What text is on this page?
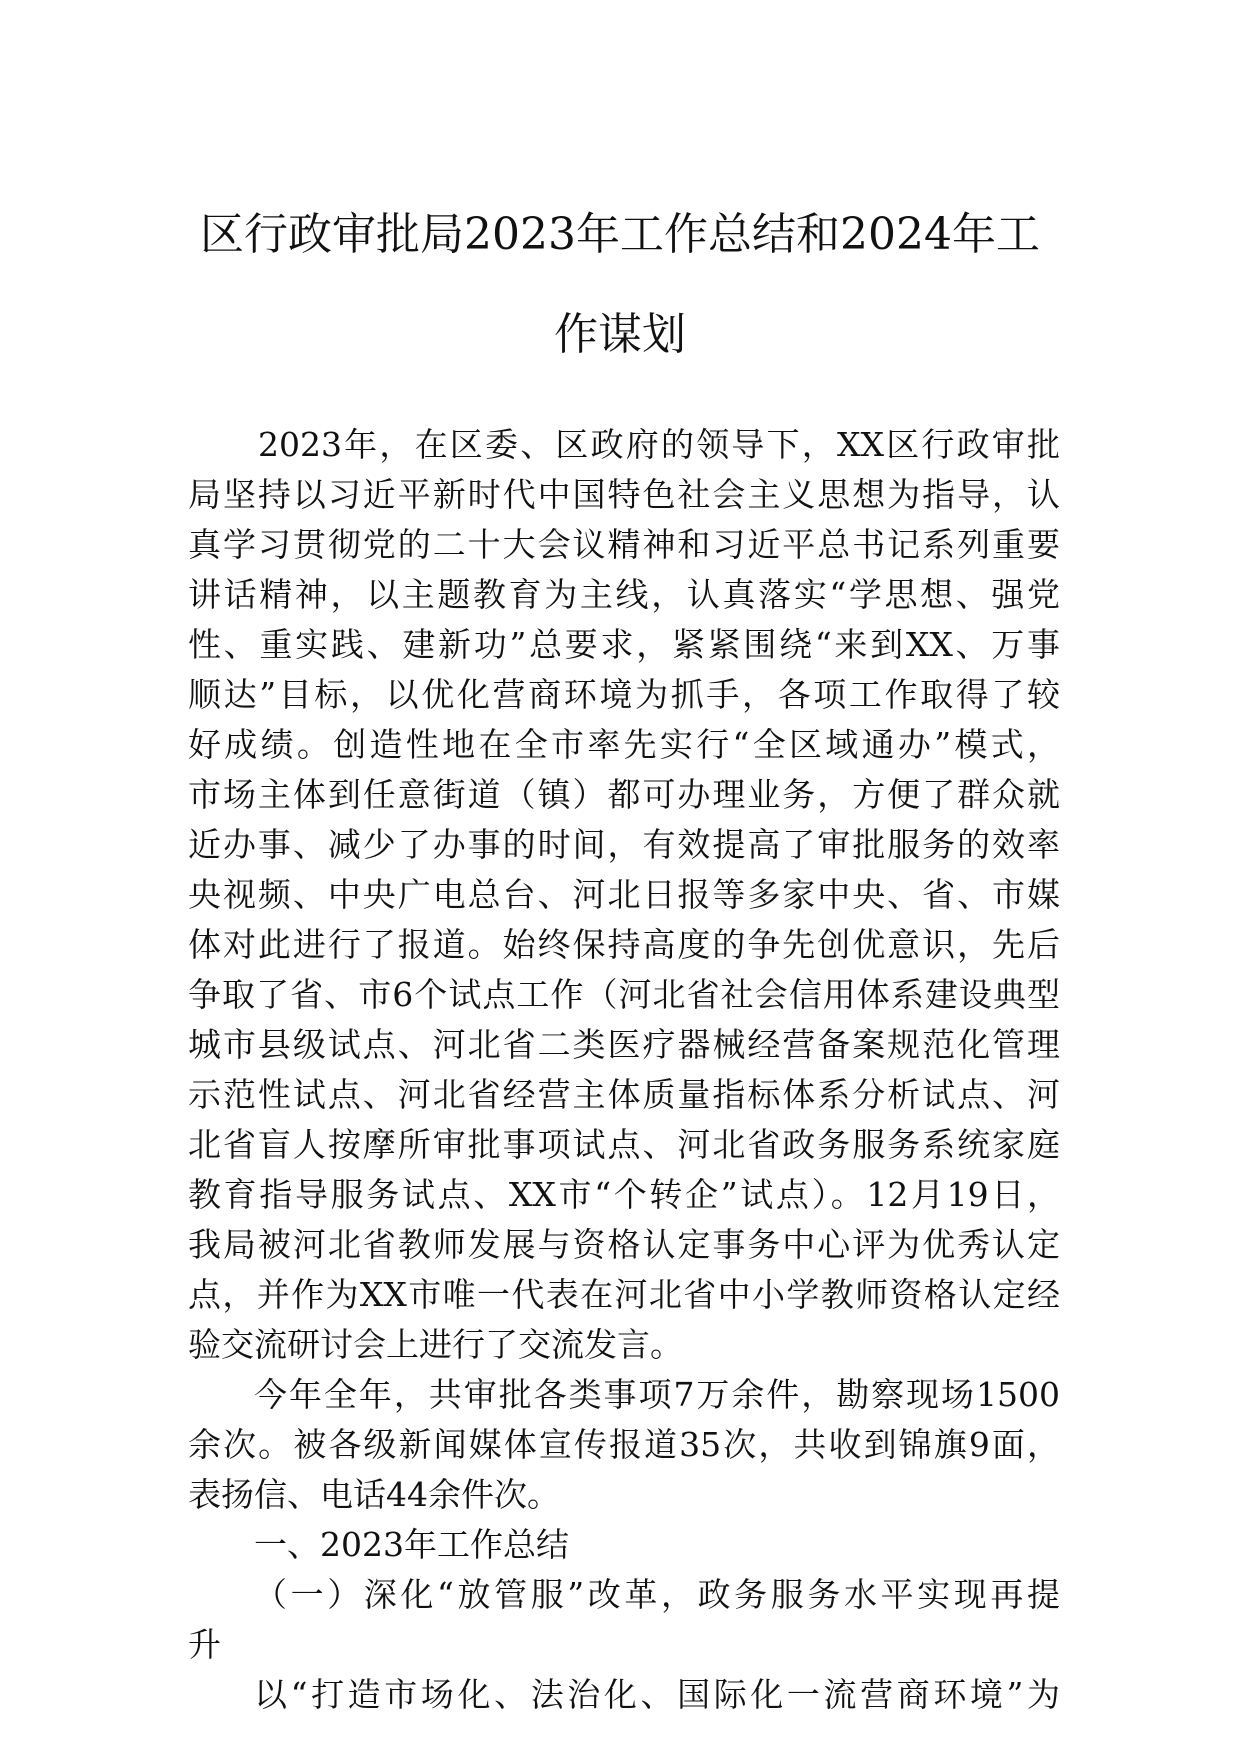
区行政审批局2023年工作总结和2024年工
作谋划
2023年，在区委、区政府的领导下，XX区行政审批
局坚持以习近平新时代中国特色社会主义思想为指导，认
真学习贯彻党的二十大会议精神和习近平总书记系列重要
讲话精神，以主题教育为主线，认真落实“学思想、强党
性、重实践、建新功”总要求，紧紧围绕“来到XX、万事
顺达”目标，以优化营商环境为抓手，各项工作取得了较
好成绩。创造性地在全市率先实行“全区域通办”模式，
市场主体到任意街道（镇）都可办理业务，方便了群众就
近办事、减少了办事的时间，有效提高了审批服务的效率
央视频、中央广电总台、河北日报等多家中央、省、市媒
体对此进行了报道。始终保持高度的争先创优意识，先后
争取了省、市6个试点工作（河北省社会信用体系建设典型
城市县级试点、河北省二类医疗器械经营备案规范化管理
示范性试点、河北省经营主体质量指标体系分析试点、河
北省盲人按摩所审批事项试点、河北省政务服务系统家庭
教育指导服务试点、XX市“个转企”试点）。12月19日，
我局被河北省教师发展与资格认定事务中心评为优秀认定
点，并作为XX市唯一代表在河北省中小学教师资格认定经
验交流研讨会上进行了交流发言。
今年全年，共审批各类事项7万余件，勘察现场1500
余次。被各级新闻媒体宣传报道35次，共收到锦旗9面，
表扬信、电话44余件次。
一、2023年工作总结
（一）深化“放管服”改革，政务服务水平实现再提
升
以“打造市场化、法治化、国际化一流营商环境”为
